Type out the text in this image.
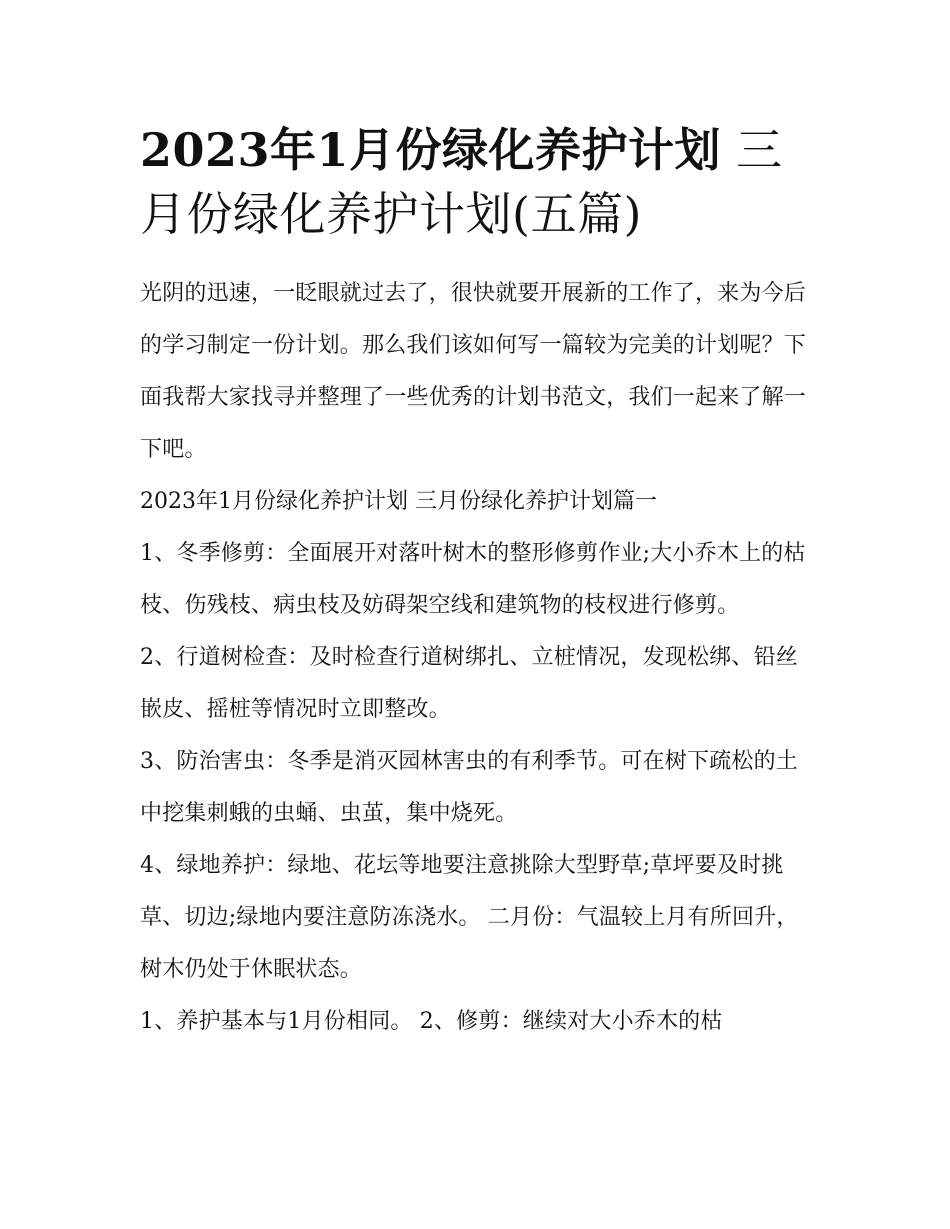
2023年1月份绿化养护计划 三月份绿化养护计划(五篇)

光阴的迅速，一眨眼就过去了，很快就要开展新的工作了，来为今后的学习制定一份计划。那么我们该如何写一篇较为完美的计划呢？下面我帮大家找寻并整理了一些优秀的计划书范文，我们一起来了解一下吧。

2023年1月份绿化养护计划 三月份绿化养护计划篇一

1、冬季修剪：全面展开对落叶树木的整形修剪作业;大小乔木上的枯枝、伤残枝、病虫枝及妨碍架空线和建筑物的枝杈进行修剪。

2、行道树检查：及时检查行道树绑扎、立桩情况，发现松绑、铅丝嵌皮、摇桩等情况时立即整改。

3、防治害虫：冬季是消灭园林害虫的有利季节。可在树下疏松的土中挖集刺蛾的虫蛹、虫茧，集中烧死。

4、绿地养护：绿地、花坛等地要注意挑除大型野草;草坪要及时挑草、切边;绿地内要注意防冻浇水。 二月份：气温较上月有所回升，树木仍处于休眠状态。

1、养护基本与1月份相同。 2、修剪：继续对大小乔木的枯
